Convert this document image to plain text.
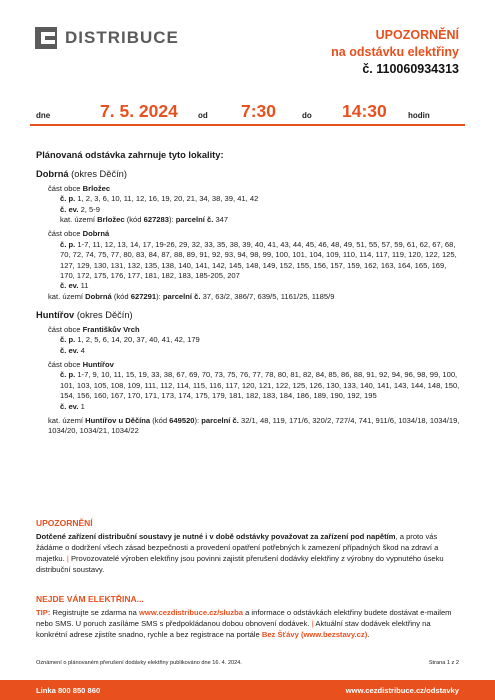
DISTRIBUCE	UPOZORNĚNÍ
na odstávku elektřiny
č. 110060934313
dne	7. 5. 2024	od 7:30	do 14:30	hodin
Plánovaná odstávka zahrnuje tyto lokality:
Dobrná (okres Děčín)
část obce Brložec
č. p. 1, 2, 3, 6, 10, 11, 12, 16, 19, 20, 21, 34, 38, 39, 41, 42
č. ev. 2, 5-9
kat. území Brložec (kód 627283): parcelní č. 347
část obce Dobrná
č. p. 1-7, 11, 12, 13, 14, 17, 19-26, 29, 32, 33, 35, 38, 39, 40, 41, 43, 44, 45, 46, 48, 49, 51, 55, 57, 59, 61, 62, 67, 68, 70, 72, 74, 75, 77, 80, 83, 84, 87, 88, 89, 91, 92, 93, 94, 98, 99, 100, 101, 104, 109, 110, 114, 117, 119, 120, 122, 125, 127, 129, 130, 131, 132, 135, 138, 140, 141, 142, 145, 148, 149, 152, 155, 156, 157, 159, 162, 163, 164, 165, 169, 170, 172, 175, 176, 177, 181, 182, 183, 185-205, 207
č. ev. 11
kat. území Dobrná (kód 627291): parcelní č. 37, 63/2, 386/7, 639/5, 1161/25, 1185/9
Huntířov (okres Děčín)
část obce Františkův Vrch
č. p. 1, 2, 5, 6, 14, 20, 37, 40, 41, 42, 179
č. ev. 4
část obce Huntířov
č. p. 1-7, 9, 10, 11, 15, 19, 33, 38, 67, 69, 70, 73, 75, 76, 77, 78, 80, 81, 82, 84, 85, 86, 88, 91, 92, 94, 96, 98, 99, 100, 101, 103, 105, 108, 109, 111, 112, 114, 115, 116, 117, 120, 121, 122, 125, 126, 130, 133, 140, 141, 143, 144, 148, 150, 154, 156, 160, 167, 170, 171, 173, 174, 175, 179, 181, 182, 183, 184, 186, 189, 190, 192, 195
č. ev. 1
kat. území Huntířov u Děčína (kód 649520): parcelní č. 32/1, 48, 119, 171/6, 320/2, 727/4, 741, 911/6, 1034/18, 1034/19, 1034/20, 1034/21, 1034/22
UPOZORNĚNÍ
Dotčené zařízení distribuční soustavy je nutné i v době odstávky považovat za zařízení pod napětím, a proto vás žádáme o dodržení všech zásad bezpečnosti a provedení opatření potřebných k zamezení případných škod na zdraví a majetku. | Provozovatelé výroben elektřiny jsou povinni zajistit přerušení dodávky elektřiny z výrobny do vypnutého úseku distribuční soustavy.
NEJDE VÁM ELEKTŘINA...
TIP: Registrujte se zdarma na www.cezdistribuce.cz/sluzba a informace o odstávkách elektřiny budete dostávat e-mailem nebo SMS. U poruch zasíláme SMS s předpokládanou dobou obnovení dodávek. | Aktuální stav dodávek elektřiny na konkrétní adrese zjistíte snadno, rychle a bez registrace na portále Bez Šťávy (www.bezstavy.cz).
Oznámení o plánovaném přerušení dodávky elektřiny publikováno dne 16. 4. 2024.	Strana 1 z 2
Linka 800 850 860	www.cezdistribuce.cz/odstavky
